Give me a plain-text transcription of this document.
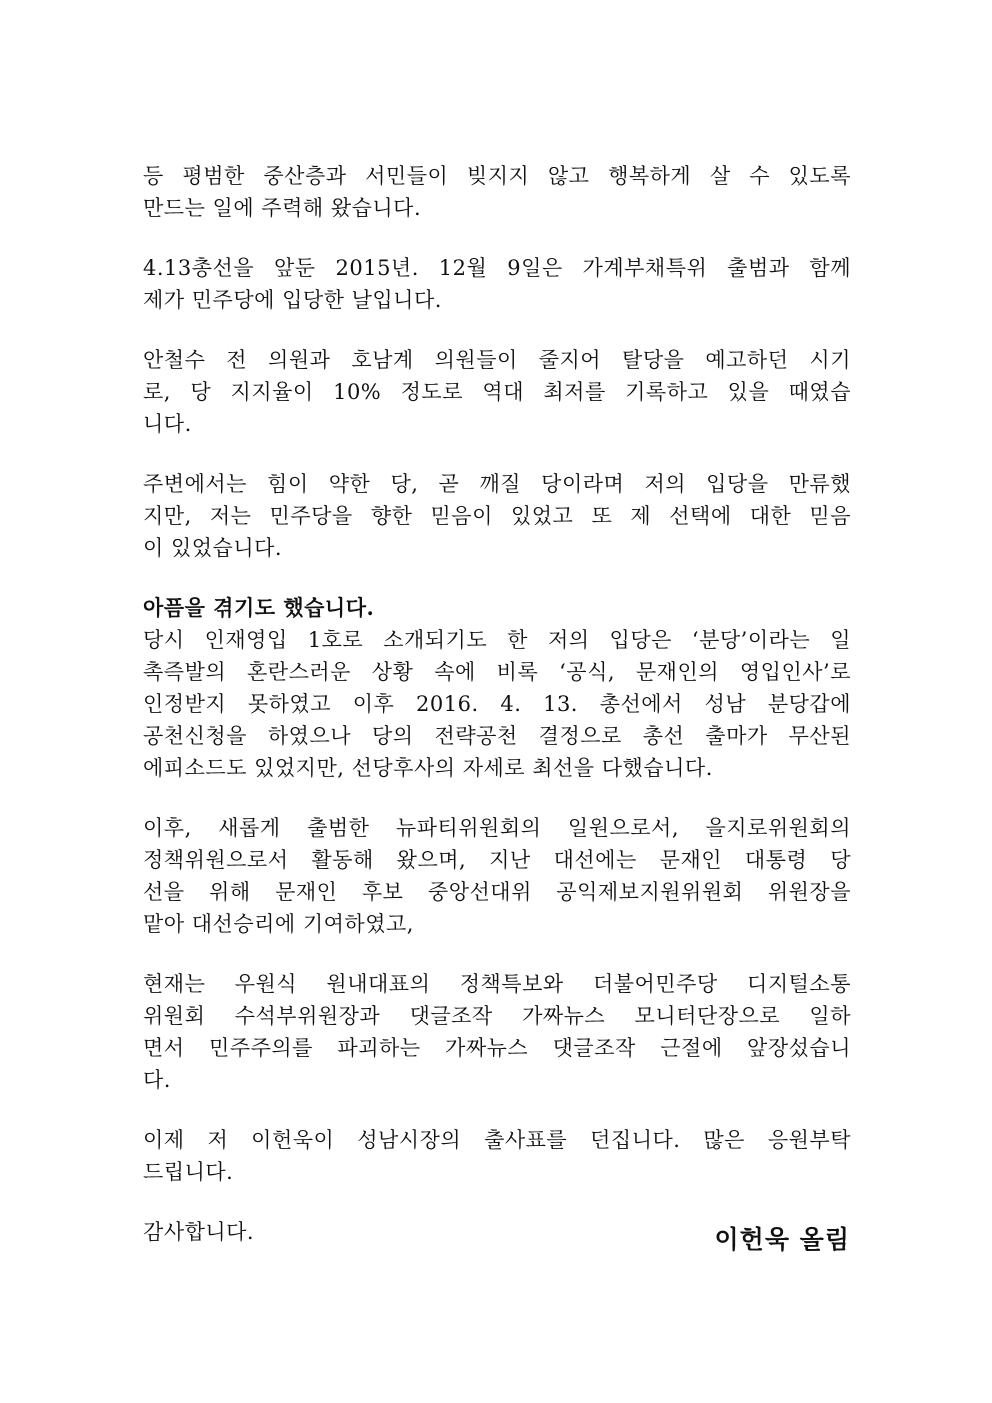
등 평범한 중산층과 서민들이 빚지지 않고 행복하게 살 수 있도록
만드는 일에 주력해 왔습니다.
4.13총선을 앞둔 2015년. 12월 9일은 가계부채특위 출범과 함께
제가 민주당에 입당한 날입니다.
안철수 전 의원과 호남계 의원들이 줄지어 탈당을 예고하던 시기
로, 당 지지율이 10% 정도로 역대 최저를 기록하고 있을 때였습
니다.
주변에서는 힘이 약한 당, 곧 깨질 당이라며 저의 입당을 만류했
지만, 저는 민주당을 향한 믿음이 있었고 또 제 선택에 대한 믿음
이 있었습니다.
아픔을 겪기도 했습니다.
당시 인재영입 1호로 소개되기도 한 저의 입당은 ‘분당’이라는 일
촉즉발의 혼란스러운 상황 속에 비록 ‘공식, 문재인의 영입인사’로
인정받지 못하였고 이후 2016. 4. 13. 총선에서 성남 분당갑에
공천신청을 하였으나 당의 전략공천 결정으로 총선 출마가 무산된
에피소드도 있었지만, 선당후사의 자세로 최선을 다했습니다.
이후, 새롭게 출범한 뉴파티위원회의 일원으로서, 을지로위원회의
정책위원으로서 활동해 왔으며, 지난 대선에는 문재인 대통령 당
선을 위해 문재인 후보 중앙선대위 공익제보지원위원회 위원장을
맡아 대선승리에 기여하였고,
현재는 우원식 원내대표의 정책특보와 더불어민주당 디지털소통
위원회 수석부위원장과 댓글조작 가짜뉴스 모니터단장으로 일하
면서 민주주의를 파괴하는 가짜뉴스 댓글조작 근절에 앞장섰습니
다.
이제 저 이헌욱이 성남시장의 출사표를 던집니다. 많은 응원부탁
드립니다.
감사합니다.	이헌욱 올림
